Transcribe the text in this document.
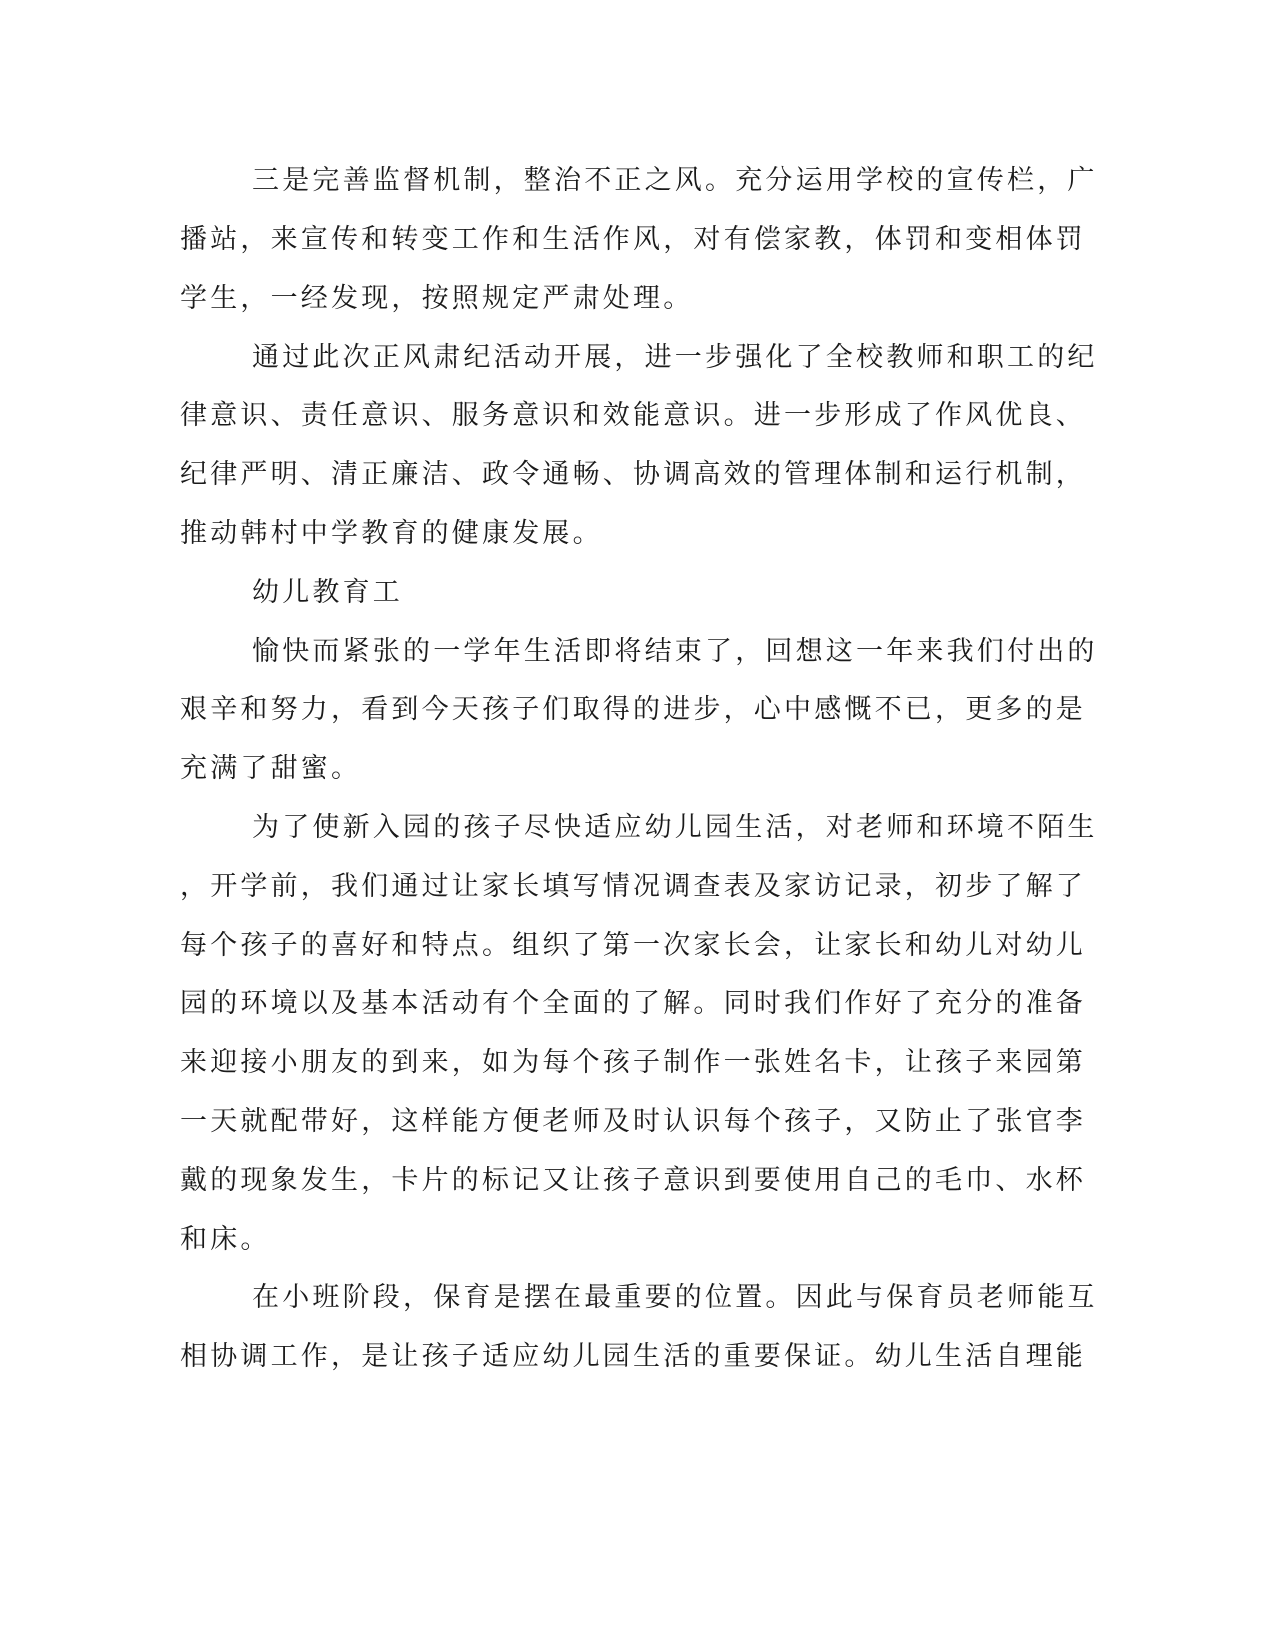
三是完善监督机制，整治不正之风。充分运用学校的宣传栏，广

播站，来宣传和转变工作和生活作风，对有偿家教，体罚和变相体罚

学生，一经发现，按照规定严肃处理。

通过此次正风肃纪活动开展，进一步强化了全校教师和职工的纪

律意识、责任意识、服务意识和效能意识。进一步形成了作风优良、

纪律严明、清正廉洁、政令通畅、协调高效的管理体制和运行机制，

推动韩村中学教育的健康发展。

幼儿教育工

愉快而紧张的一学年生活即将结束了，回想这一年来我们付出的

艰辛和努力，看到今天孩子们取得的进步，心中感慨不已，更多的是

充满了甜蜜。

为了使新入园的孩子尽快适应幼儿园生活，对老师和环境不陌生

，开学前，我们通过让家长填写情况调查表及家访记录，初步了解了

每个孩子的喜好和特点。组织了第一次家长会，让家长和幼儿对幼儿

园的环境以及基本活动有个全面的了解。同时我们作好了充分的准备

来迎接小朋友的到来，如为每个孩子制作一张姓名卡，让孩子来园第

一天就配带好，这样能方便老师及时认识每个孩子，又防止了张官李

戴的现象发生，卡片的标记又让孩子意识到要使用自己的毛巾、水杯

和床。

在小班阶段，保育是摆在最重要的位置。因此与保育员老师能互

相协调工作，是让孩子适应幼儿园生活的重要保证。幼儿生活自理能
